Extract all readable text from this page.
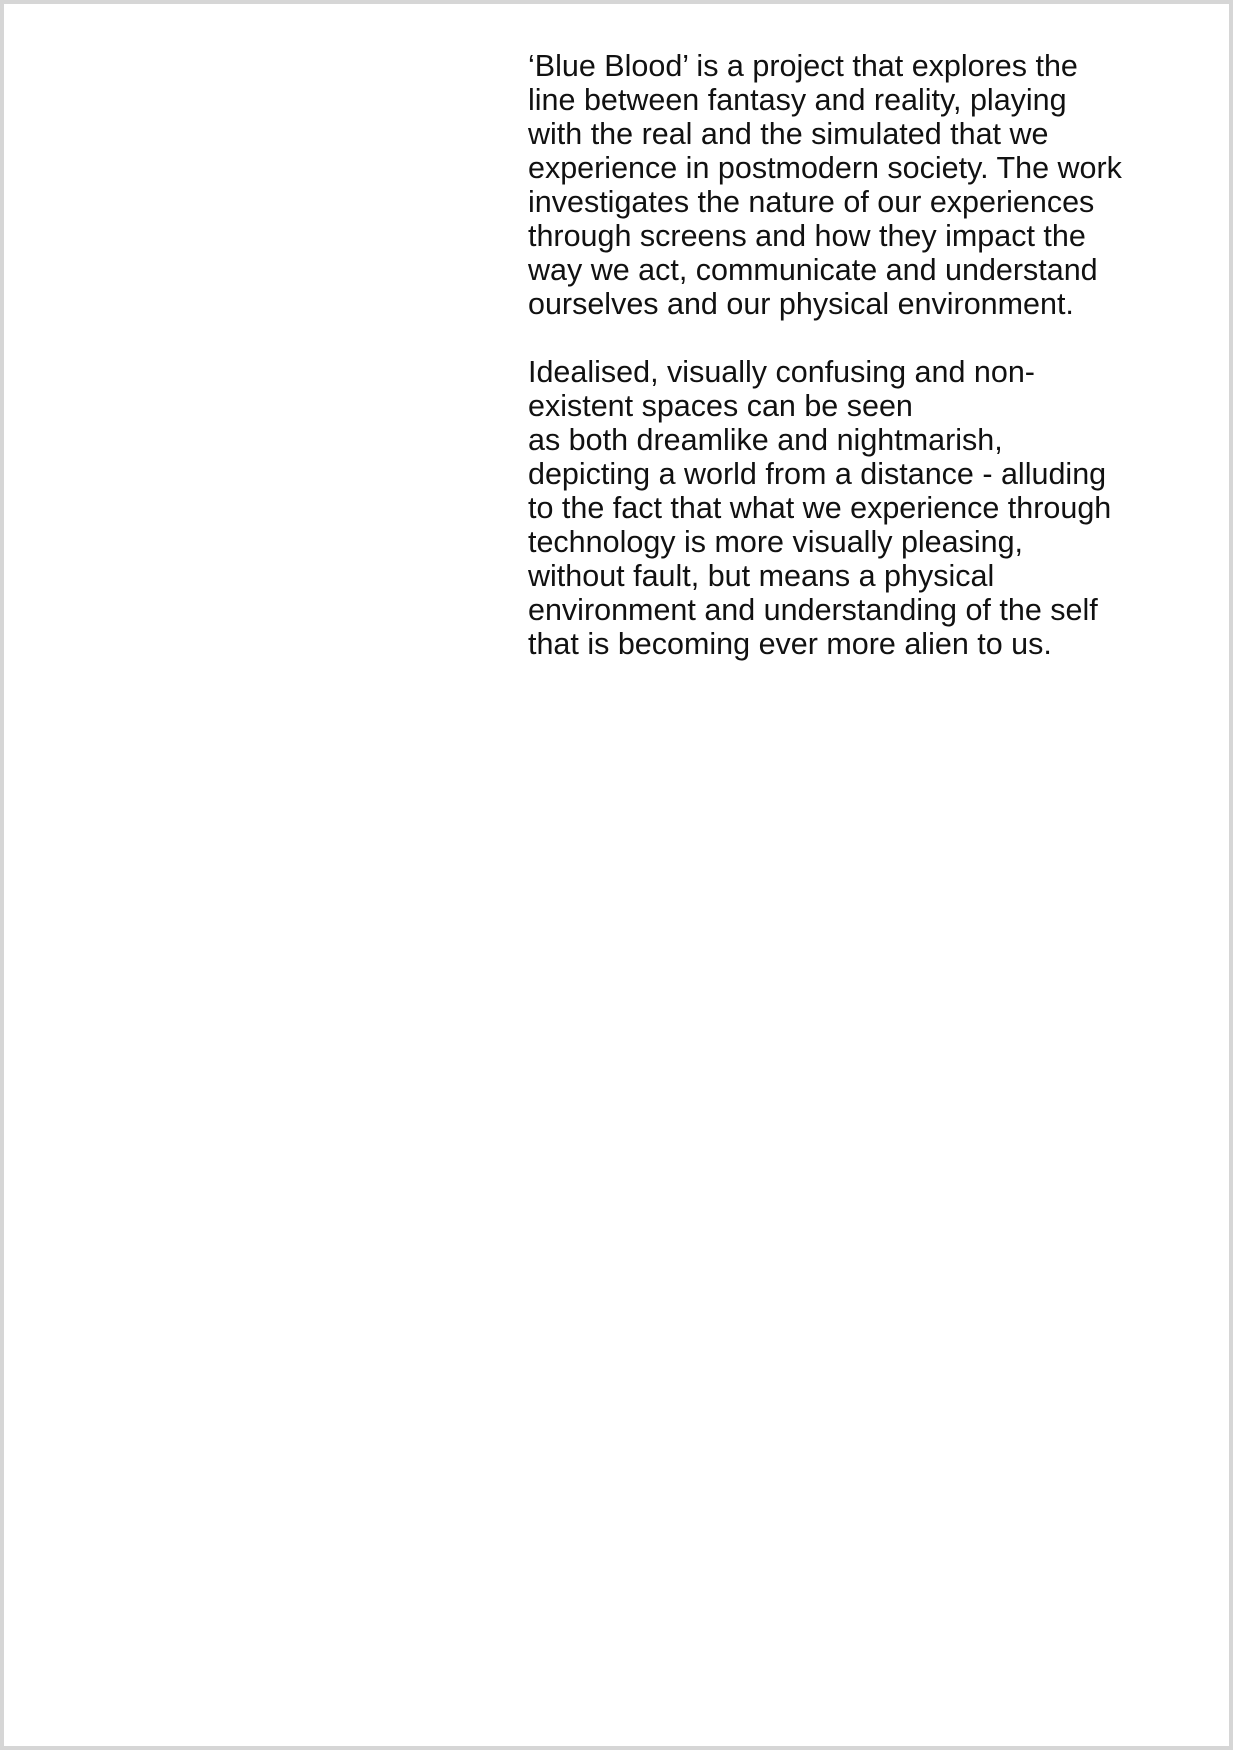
‘Blue Blood’ is a project that explores the
line between fantasy and reality, playing
with the real and the simulated that we
experience in postmodern society. The work
investigates the nature of our experiences
through screens and how they impact the
way we act, communicate and understand
ourselves and our physical environment.

Idealised, visually confusing and non-
existent spaces can be seen
as both dreamlike and nightmarish,
depicting a world from a distance - alluding
to the fact that what we experience through
technology is more visually pleasing,
without fault, but means a physical
environment and understanding of the self
that is becoming ever more alien to us.
